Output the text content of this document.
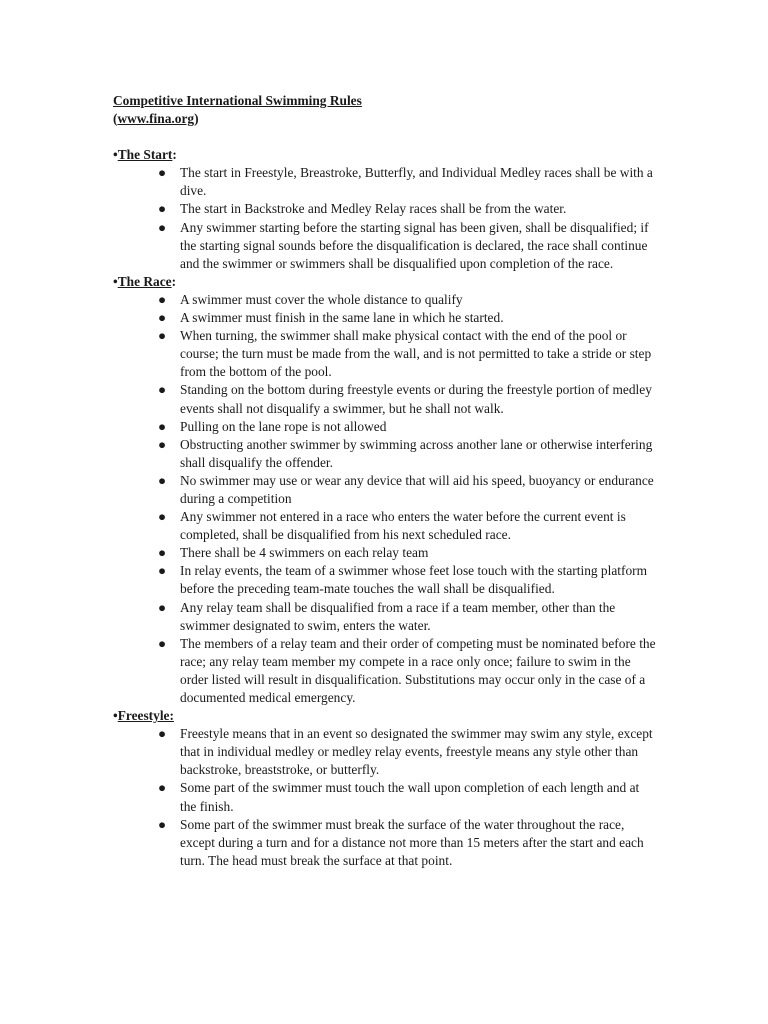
Competitive International Swimming Rules

(www.fina.org)

•The Start:

● The start in Freestyle, Breastroke, Butterfly, and Individual Medley races shall be with a dive.
● The start in Backstroke and Medley Relay races shall be from the water.
● Any swimmer starting before the starting signal has been given, shall be disqualified; if the starting signal sounds before the disqualification is declared, the race shall continue and the swimmer or swimmers shall be disqualified upon completion of the race.

•The Race:

● A swimmer must cover the whole distance to qualify
● A swimmer must finish in the same lane in which he started.
● When turning, the swimmer shall make physical contact with the end of the pool or course; the turn must be made from the wall, and is not permitted to take a stride or step from the bottom of the pool.
● Standing on the bottom during freestyle events or during the freestyle portion of medley events shall not disqualify a swimmer, but he shall not walk.
● Pulling on the lane rope is not allowed
● Obstructing another swimmer by swimming across another lane or otherwise interfering shall disqualify the offender.
● No swimmer may use or wear any device that will aid his speed, buoyancy or endurance during a competition
● Any swimmer not entered in a race who enters the water before the current event is completed, shall be disqualified from his next scheduled race.
● There shall be 4 swimmers on each relay team
● In relay events, the team of a swimmer whose feet lose touch with the starting platform before the preceding team-mate touches the wall shall be disqualified.
● Any relay team shall be disqualified from a race if a team member, other than the swimmer designated to swim, enters the water.
● The members of a relay team and their order of competing must be nominated before the race; any relay team member my compete in a race only once; failure to swim in the order listed will result in disqualification. Substitutions may occur only in the case of a documented medical emergency.

•Freestyle:

● Freestyle means that in an event so designated the swimmer may swim any style, except that in individual medley or medley relay events, freestyle means any style other than backstroke, breaststroke, or butterfly.
● Some part of the swimmer must touch the wall upon completion of each length and at the finish.
● Some part of the swimmer must break the surface of the water throughout the race, except during a turn and for a distance not more than 15 meters after the start and each turn. The head must break the surface at that point.
